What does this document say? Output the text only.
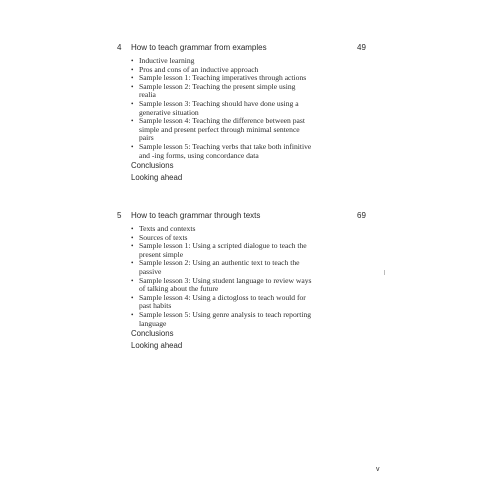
4 How to teach grammar from examples	49
• Inductive learning
• Pros and cons of an inductive approach
• Sample lesson 1: Teaching imperatives through actions
• Sample lesson 2: Teaching the present simple using realia
• Sample lesson 3: Teaching should have done using a generative situation
• Sample lesson 4: Teaching the difference between past simple and present perfect through minimal sentence pairs
• Sample lesson 5: Teaching verbs that take both infinitive and -ing forms, using concordance data
Conclusions
Looking ahead
5 How to teach grammar through texts	69
• Texts and contexts
• Sources of texts
• Sample lesson 1: Using a scripted dialogue to teach the present simple
• Sample lesson 2: Using an authentic text to teach the passive
• Sample lesson 3: Using student language to review ways of talking about the future
• Sample lesson 4: Using a dictogloss to teach would for past habits
• Sample lesson 5: Using genre analysis to teach reporting language
Conclusions
Looking ahead
v
